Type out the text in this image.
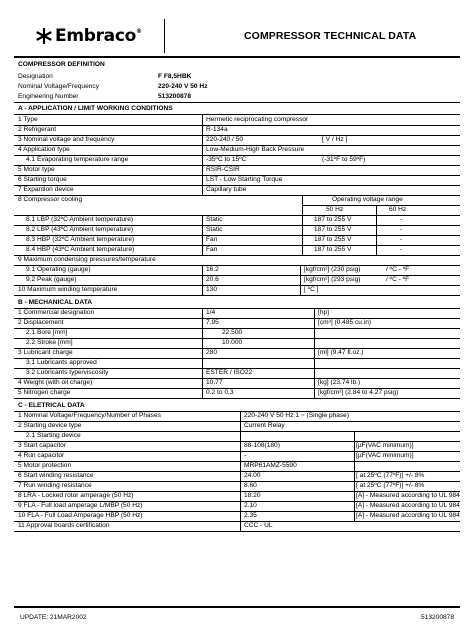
Embraco®	COMPRESSOR TECHNICAL DATA
COMPRESSOR DEFINITION
Designation	F F8,5HBK
Nominal Voltage/Frequency	220-240 V 50 Hz
Engineering Number	513200878
A - APPLICATION / LIMIT WORKING CONDITIONS
1 Type	Hermetic reciprocating compressor
2 Refrigerant	R-134a
3 Nominal voltage and frequency	220-240 / 50	[ V / Hz ]
4 Application type	Low-Medium-High Back Pressure
4.1 Evaporating temperature range	-35ºC to 15ºC	(-31ºF to 59ºF)
5 Motor type	RSIR-CSIR
6 Starting torque	LST - Low Starting Torque
7 Expantion device	Capillary tube
8 Compressor cooling	Operating voltage range
50 Hz	60 Hz
8.1 LBP (32ºC Ambient temperature)	Static	187 to 255 V	-
8.2 LBP (43ºC Ambient temperature)	Static	187 to 255 V	-
8.3 HBP (32ºC Ambient temperature)	Fan	187 to 255 V	-
8.4 HBP (43ºC Ambient temperature)	Fan	187 to 255 V	-
9 Maximum condensing pressures/temperature
9.1 Operating (gauge)	16.2	[kgf/cm²] (230 psig)	/ ºC - ºF
9.2 Peak (gauge)	20.6	[kgf/cm²] (293 psig)	/ ºC - ºF
10 Maximum winding temperature	130	[ ºC ]
B - MECHANICAL DATA
1 Commercial designation	1/4	[hp]
2 Displacement	7.95	[cm³] (0.485 cu.in)
2.1 Bore [mm]	22.500
2.2 Stroke [mm]	10.000
3 Lubricant charge	280	[ml] (9.47 fl.oz.)
3.1 Lubricants approved
3.2 Lubricants type/viscosity	ESTER / ISO22
4 Weight (with oil charge)	10.77	[kg] (23.74 lb.)
5 Nitrogen charge	0.2 to 0.3	[kgf/cm²] (2.84 to 4.27 psig)
C - ELETRICAL DATA
1 Nominal Voltage/Frequency/Number of Phases	220-240 V 50 Hz 1 ~ (Single phase)
2 Starting device type	Current Relay
2.1 Starting device
3 Start capacitor	88-108(180)	[µF(VAC minimum)]
4 Run capacitor	-	[µF(VAC minimum)]
5 Motor protection	MRP61AMZ-5590
6 Start winding resistance	24.00	[ at 25ºC (77ºF)] +/- 8%
7 Run winding resistance	8.60	[ at 25ºC (77ºF)] +/- 8%
8 LRA - Locked rotor amperage (50 Hz)	18.20	[A] - Measured according to UL 984
9 FLA - Full load amperage L/MBP (50 Hz)	2.10	[A] - Measured according to UL 984
10 FLA - Full Load Amperage HBP (50 Hz)	2.35	[A] - Measured according to UL 984
11 Approval boards certification	CCC - UL
UPDATE: 21MAR2002	513200878
